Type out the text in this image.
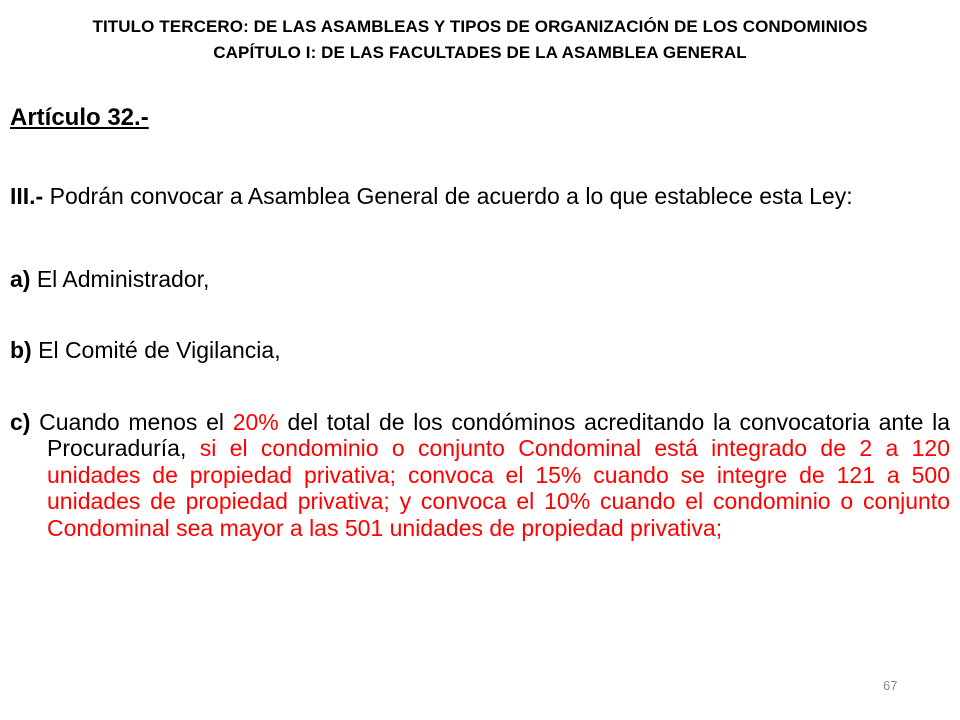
TITULO TERCERO: DE LAS ASAMBLEAS Y TIPOS DE ORGANIZACIÓN DE LOS CONDOMINIOS
CAPÍTULO I: DE LAS FACULTADES DE LA ASAMBLEA GENERAL

Artículo 32.-

III.- Podrán convocar a Asamblea General de acuerdo a lo que establece esta Ley:

a) El Administrador,

b) El Comité de Vigilancia,

c) Cuando menos el 20% del total de los condóminos acreditando la convocatoria ante la Procuraduría, si el condominio o conjunto Condominal está integrado de 2 a 120 unidades de propiedad privativa; convoca el 15% cuando se integre de 121 a 500 unidades de propiedad privativa; y convoca el 10% cuando el condominio o conjunto Condominal sea mayor a las 501 unidades de propiedad privativa;

67
